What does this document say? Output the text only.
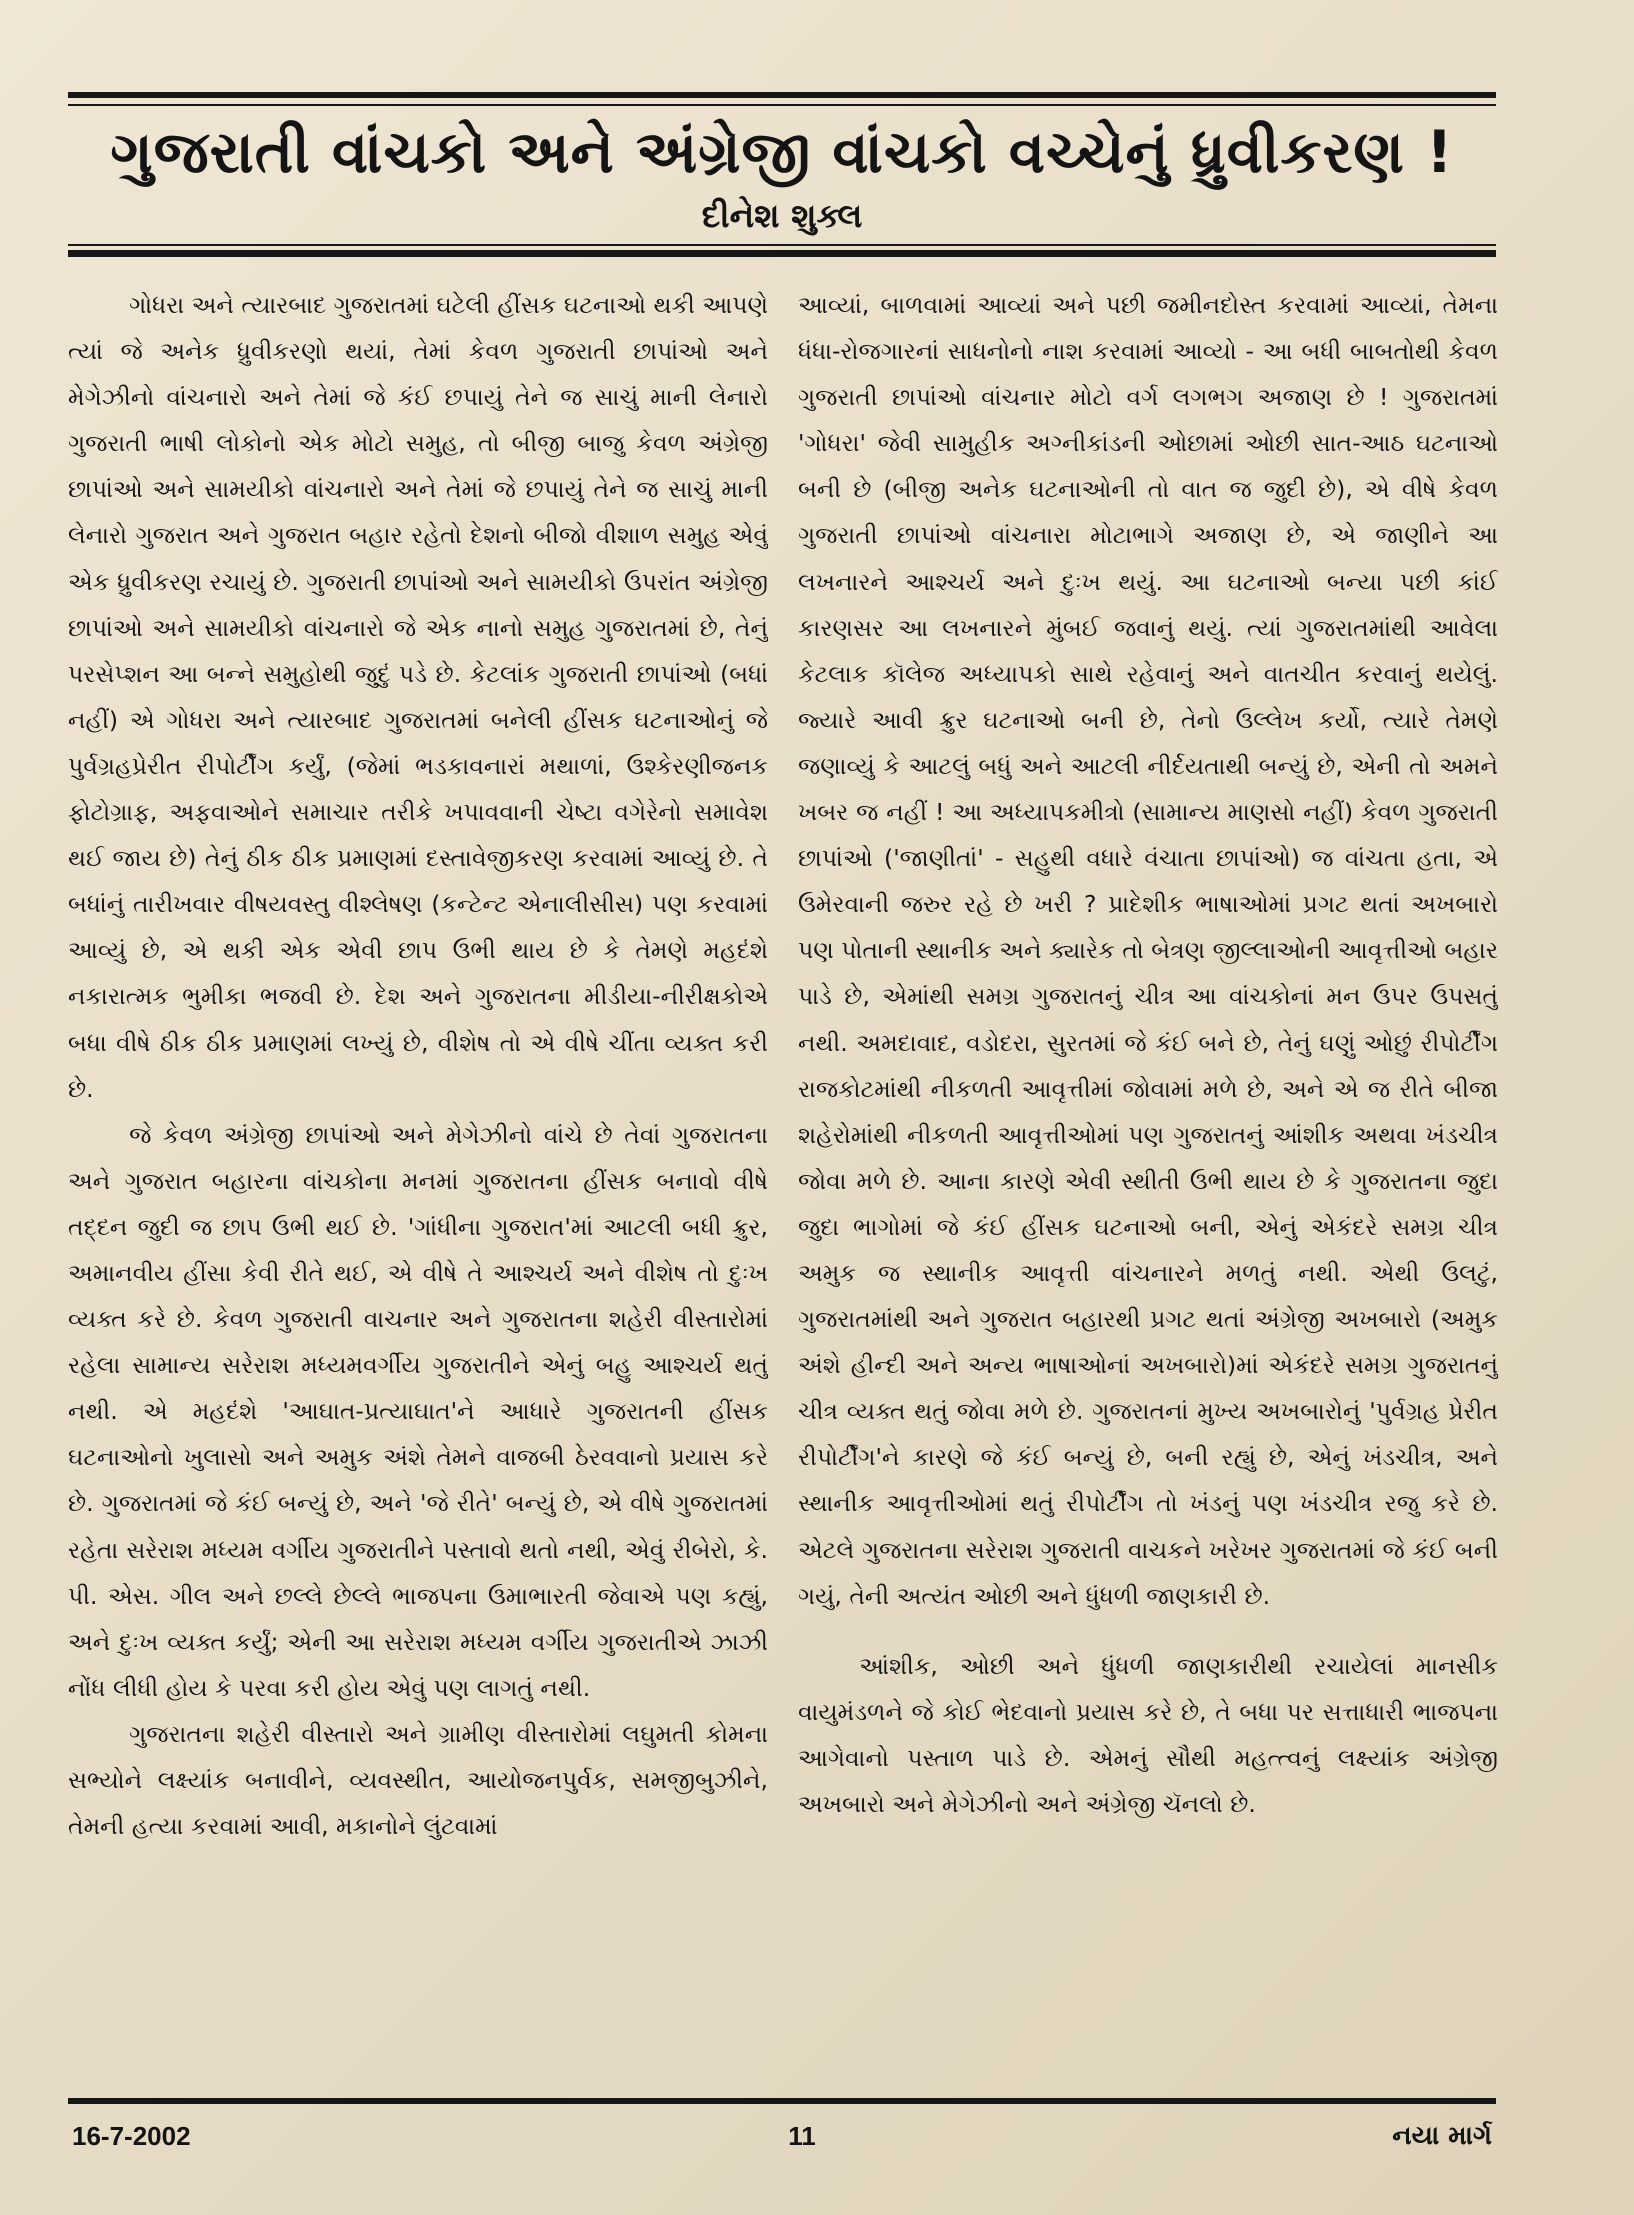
ગુજરાતી વાંચકો અને અંગ્રેજી વાંચકો વચ્ચેનું ધ્રુવીકરણ !
દીનેશ શુક્લ

ગોધરા અને ત્યારબાદ ગુજરાતમાં ઘટેલી હીંસક ઘટનાઓ થકી આપણે ત્યાં જે અનેક ધ્રુવીકરણો થયાં, તેમાં કેવળ ગુજરાતી છાપાંઓ અને મેગેઝીનો વાંચનારો અને તેમાં જે કંઈ છપાયું તેને જ સાચું માની લેનારો ગુજરાતી ભાષી લોકોનો એક મોટો સમુહ, તો બીજી બાજુ કેવળ અંગ્રેજી છાપાંઓ અને સામયીકો વાંચનારો અને તેમાં જે છપાયું તેને જ સાચું માની લેનારો ગુજરાત અને ગુજરાત બહાર રહેતો દેશનો બીજો વીશાળ સમુહ એવું એક ધ્રુવીકરણ રચાયું છે. ગુજરાતી છાપાંઓ અને સામયીકો ઉપરાંત અંગ્રેજી છાપાંઓ અને સામયીકો વાંચનારો જે એક નાનો સમુહ ગુજરાતમાં છે, તેનું પરસેપ્શન આ બન્ને સમુહોથી જુદું પડે છે. કેટલાંક ગુજરાતી છાપાંઓ (બધાં નહીં) એ ગોધરા અને ત્યારબાદ ગુજરાતમાં બનેલી હીંસક ઘટનાઓનું જે પુર્વગ્રહપ્રેરીત રીપોર્ટીંગ કર્યું, (જેમાં ભડકાવનારાં મથાળાં, ઉશ્કેરણીજનક ફોટોગ્રાફ, અફવાઓને સમાચાર તરીકે ખપાવવાની ચેષ્ટા વગેરેનો સમાવેશ થઈ જાય છે) તેનું ઠીક ઠીક પ્રમાણમાં દસ્તાવેજીકરણ કરવામાં આવ્યું છે. તે બધાંનું તારીખવાર વીષયવસ્તુ વીશ્લેષણ (કન્ટેન્ટ એનાલીસીસ) પણ કરવામાં આવ્યું છે, એ થકી એક એવી છાપ ઉભી થાય છે કે તેમણે મહદંશે નકારાત્મક ભુમીકા ભજવી છે. દેશ અને ગુજરાતના મીડીયા-નીરીક્ષકોએ બધા વીષે ઠીક ઠીક પ્રમાણમાં લખ્યું છે, વીશેષ તો એ વીષે ચીંતા વ્યક્ત કરી છે.

જે કેવળ અંગ્રેજી છાપાંઓ અને મેગેઝીનો વાંચે છે તેવાં ગુજરાતના અને ગુજરાત બહારના વાંચકોના મનમાં ગુજરાતના હીંસક બનાવો વીષે તદ્દન જુદી જ છાપ ઉભી થઈ છે. 'ગાંધીના ગુજરાત'માં આટલી બધી ક્રુર, અમાનવીય હીંસા કેવી રીતે થઈ, એ વીષે તે આશ્ચર્ય અને વીશેષ તો દુઃખ વ્યક્ત કરે છે. કેવળ ગુજરાતી વાચનાર અને ગુજરાતના શહેરી વીસ્તારોમાં રહેલા સામાન્ય સરેરાશ મધ્યમવર્ગીય ગુજરાતીને એનું બહુ આશ્ચર્ય થતું નથી. એ મહદંશે 'આઘાત-પ્રત્યાઘાત'ને આધારે ગુજરાતની હીંસક ઘટનાઓનો ખુલાસો અને અમુક અંશે તેમને વાજબી ઠેરવવાનો પ્રયાસ કરે છે. ગુજરાતમાં જે કંઈ બન્યું છે, અને 'જે રીતે' બન્યું છે, એ વીષે ગુજરાતમાં રહેતા સરેરાશ મધ્યમ વર્ગીય ગુજરાતીને પસ્તાવો થતો નથી, એવું રીબેરો, કે. પી. એસ. ગીલ અને છલ્લે છેલ્લે ભાજપના ઉમાભારતી જેવાએ પણ કહ્યું, અને દુઃખ વ્યક્ત કર્યું; એની આ સરેરાશ મધ્યમ વર્ગીય ગુજરાતીએ ઝાઝી નોંધ લીધી હોય કે પરવા કરી હોય એવું પણ લાગતું નથી.

ગુજરાતના શહેરી વીસ્તારો અને ગ્રામીણ વીસ્તારોમાં લઘુમતી કોમના સભ્યોને લક્ષ્યાંક બનાવીને, વ્યવસ્થીત, આયોજનપુર્વક, સમજીબુઝીને, તેમની હત્યા કરવામાં આવી, મકાનોને લુંટવામાં

આવ્યાં, બાળવામાં આવ્યાં અને પછી જમીનદોસ્ત કરવામાં આવ્યાં, તેમના ધંધા-રોજગારનાં સાધનોનો નાશ કરવામાં આવ્યો - આ બધી બાબતોથી કેવળ ગુજરાતી છાપાંઓ વાંચનાર મોટો વર્ગ લગભગ અજાણ છે ! ગુજરાતમાં 'ગોધરા' જેવી સામુહીક અગ્નીકાંડની ઓછામાં ઓછી સાત-આઠ ઘટનાઓ બની છે (બીજી અનેક ઘટનાઓની તો વાત જ જુદી છે), એ વીષે કેવળ ગુજરાતી છાપાંઓ વાંચનારા મોટાભાગે અજાણ છે, એ જાણીને આ લખનારને આશ્ચર્ય અને દુઃખ થયું. આ ઘટનાઓ બન્યા પછી કાંઈ કારણસર આ લખનારને મુંબઈ જવાનું થયું. ત્યાં ગુજરાતમાંથી આવેલા કેટલાક કૉલેજ અધ્યાપકો સાથે રહેવાનું અને વાતચીત કરવાનું થયેલું. જ્યારે આવી ક્રુર ઘટનાઓ બની છે, તેનો ઉલ્લેખ કર્યો, ત્યારે તેમણે જણાવ્યું કે આટલું બધું અને આટલી નીર્દયતાથી બન્યું છે, એની તો અમને ખબર જ નહીં ! આ અધ્યાપકમીત્રો (સામાન્ય માણસો નહીં) કેવળ ગુજરાતી છાપાંઓ ('જાણીતાં' - સહુથી વધારે વંચાતા છાપાંઓ) જ વાંચતા હતા, એ ઉમેરવાની જરુર રહે છે ખરી ? પ્રાદેશીક ભાષાઓમાં પ્રગટ થતાં અખબારો પણ પોતાની સ્થાનીક અને ક્યારેક તો બેત્રણ જીલ્લાઓની આવૃત્તીઓ બહાર પાડે છે, એમાંથી સમગ્ર ગુજરાતનું ચીત્ર આ વાંચકોનાં મન ઉપર ઉપસતું નથી. અમદાવાદ, વડોદરા, સુરતમાં જે કંઈ બને છે, તેનું ઘણું ઓછું રીપોર્ટીંગ રાજકોટમાંથી નીકળતી આવૃત્તીમાં જોવામાં મળે છે, અને એ જ રીતે બીજા શહેરોમાંથી નીકળતી આવૃત્તીઓમાં પણ ગુજરાતનું આંશીક અથવા ખંડચીત્ર જોવા મળે છે. આના કારણે એવી સ્થીતી ઉભી થાય છે કે ગુજરાતના જુદા જુદા ભાગોમાં જે કંઈ હીંસક ઘટનાઓ બની, એનું એકંદરે સમગ્ર ચીત્ર અમુક જ સ્થાનીક આવૃત્તી વાંચનારને મળતું નથી. એથી ઉલટું, ગુજરાતમાંથી અને ગુજરાત બહારથી પ્રગટ થતાં અંગ્રેજી અખબારો (અમુક અંશે હીન્દી અને અન્ય ભાષાઓનાં અખબારો)માં એકંદરે સમગ્ર ગુજરાતનું ચીત્ર વ્યક્ત થતું જોવા મળે છે. ગુજરાતનાં મુખ્ય અખબારોનું 'પુર્વગ્રહ પ્રેરીત રીપોર્ટીંગ'ને કારણે જે કંઈ બન્યું છે, બની રહ્યું છે, એનું ખંડચીત્ર, અને સ્થાનીક આવૃત્તીઓમાં થતું રીપોર્ટીંગ તો ખંડનું પણ ખંડચીત્ર રજુ કરે છે. એટલે ગુજરાતના સરેરાશ ગુજરાતી વાચકને ખરેખર ગુજરાતમાં જે કંઈ બની ગયું, તેની અત્યંત ઓછી અને ધુંધળી જાણકારી છે.

આંશીક, ઓછી અને ધુંધળી જાણકારીથી રચાયેલાં માનસીક વાયુમંડળને જે કોઈ ભેદવાનો પ્રયાસ કરે છે, તે બધા પર સત્તાધારી ભાજપના આગેવાનો પસ્તાળ પાડે છે. એમનું સૌથી મહત્ત્વનું લક્ષ્યાંક અંગ્રેજી અખબારો અને મેગેઝીનો અને અંગ્રેજી ચૅનલો છે.

16-7-2002	11	નયા માર્ગ
